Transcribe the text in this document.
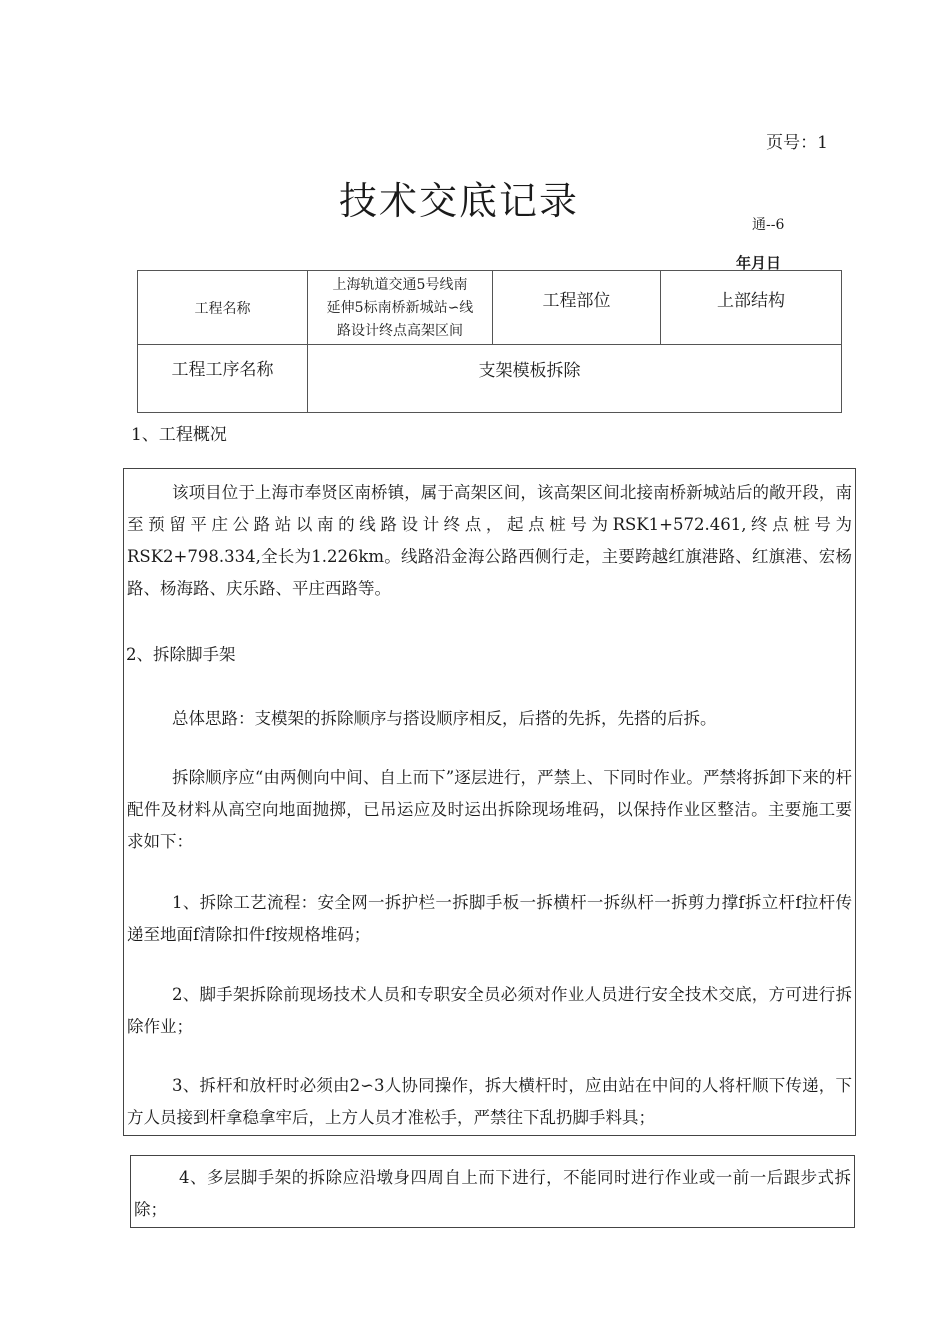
页号：1
技术交底记录
通--6
年月日
工程名称	上海轨道交通5号线南
延伸5标南桥新城站∽线
路设计终点高架区间	工程部位	上部结构

工程工序名称	支架模板拆除		
1、工程概况

该项目位于上海市奉贤区南桥镇，属于高架区间，该高架区间北接南桥新城站后的敞开段，南至预留平庄公路站以南的线路设计终点，起点桩号为RSK1+572.461,终点桩号为RSK2+798.334,全长为1.226km。线路沿金海公路西侧行走，主要跨越红旗港路、红旗港、宏杨路、杨海路、庆乐路、平庄西路等。

2、拆除脚手架

总体思路：支模架的拆除顺序与搭设顺序相反，后搭的先拆，先搭的后拆。

拆除顺序应“由两侧向中间、自上而下”逐层进行，严禁上、下同时作业。严禁将拆卸下来的杆配件及材料从高空向地面抛掷，已吊运应及时运出拆除现场堆码，以保持作业区整洁。主要施工要求如下：

1、拆除工艺流程：安全网一拆护栏一拆脚手板一拆横杆一拆纵杆一拆剪力撑f拆立杆f拉杆传递至地面f清除扣件f按规格堆码；

2、脚手架拆除前现场技术人员和专职安全员必须对作业人员进行安全技术交底，方可进行拆除作业；

3、拆杆和放杆时必须由2∽3人协同操作，拆大横杆时，应由站在中间的人将杆顺下传递，下方人员接到杆拿稳拿牢后，上方人员才准松手，严禁往下乱扔脚手料具；

4、多层脚手架的拆除应沿墩身四周自上而下进行，不能同时进行作业或一前一后跟步式拆除；
